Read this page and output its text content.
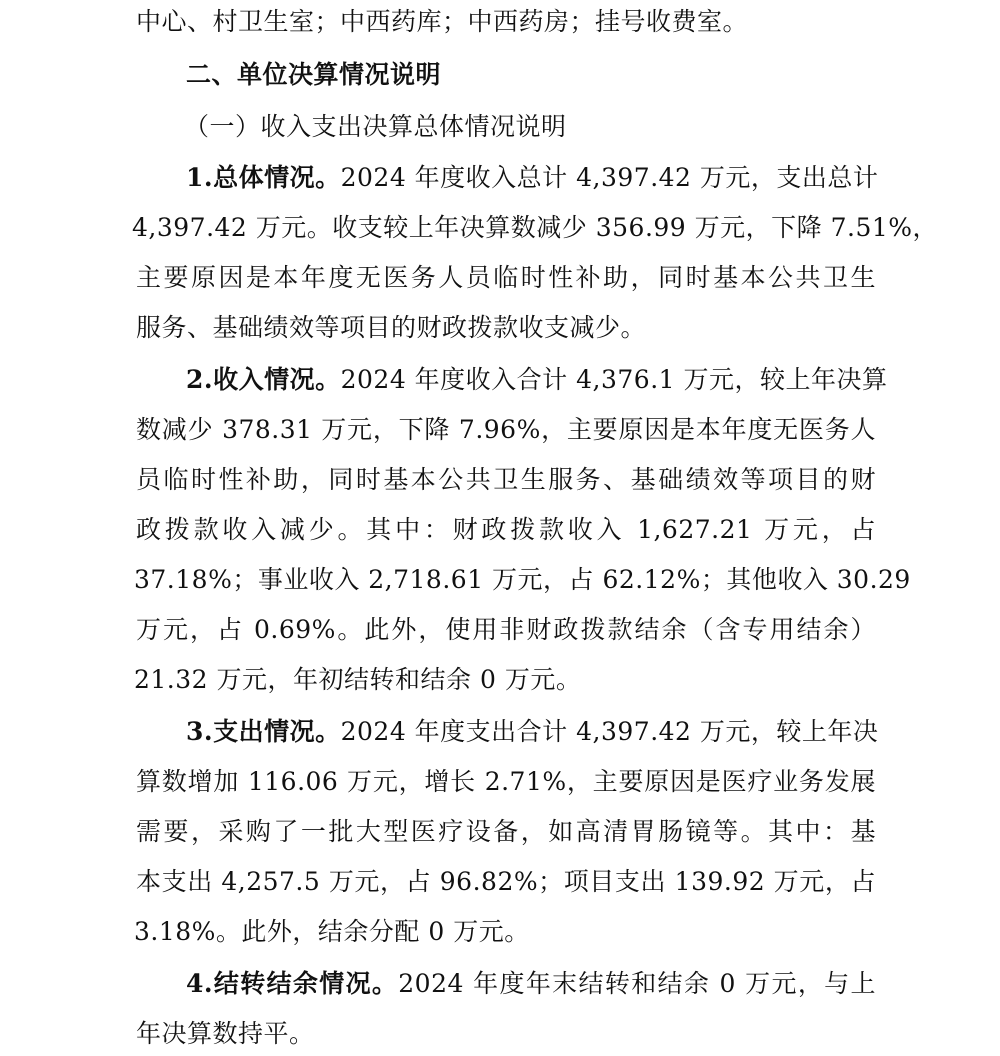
中心、村卫生室；中西药库；中西药房；挂号收费室。
二、单位决算情况说明
（一）收入支出决算总体情况说明
1.总体情况。2024 年度收入总计 4,397.42 万元，支出总计
4,397.42 万元。收支较上年决算数减少 356.99 万元，下降 7.51%，
主要原因是本年度无医务人员临时性补助，同时基本公共卫生
服务、基础绩效等项目的财政拨款收支减少。
2.收入情况。2024 年度收入合计 4,376.1 万元，较上年决算
数减少 378.31 万元，下降 7.96%，主要原因是本年度无医务人
员临时性补助，同时基本公共卫生服务、基础绩效等项目的财
政拨款收入减少。其中：财政拨款收入 1,627.21 万元，占
37.18%；事业收入 2,718.61 万元，占 62.12%；其他收入 30.29
万元，占 0.69%。此外，使用非财政拨款结余（含专用结余）
21.32 万元，年初结转和结余 0 万元。
3.支出情况。2024 年度支出合计 4,397.42 万元，较上年决
算数增加 116.06 万元，增长 2.71%，主要原因是医疗业务发展
需要，采购了一批大型医疗设备，如高清胃肠镜等。其中：基
本支出 4,257.5 万元，占 96.82%；项目支出 139.92 万元，占
3.18%。此外，结余分配 0 万元。
4.结转结余情况。2024 年度年末结转和结余 0 万元，与上
年决算数持平。
